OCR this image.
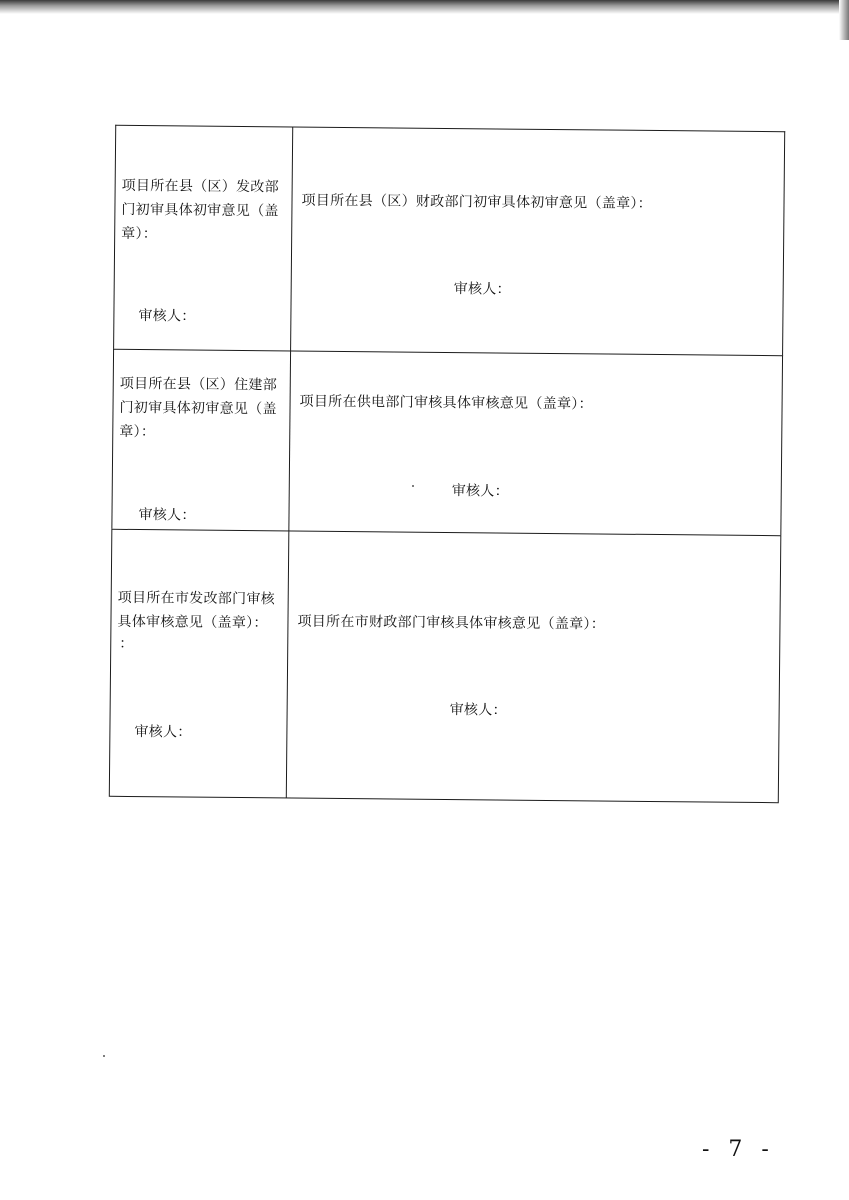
项目所在县（区）发改部门初审具体初审意见（盖章）：
审核人：
项目所在县（区）财政部门初审具体初审意见（盖章）：
审核人：
项目所在县（区）住建部门初审具体初审意见（盖章）：
审核人：
项目所在供电部门审核具体审核意见（盖章）：
审核人：
项目所在市发改部门审核具体审核意见（盖章）：
：
审核人：
项目所在市财政部门审核具体审核意见（盖章）：
审核人：
- 7 -
